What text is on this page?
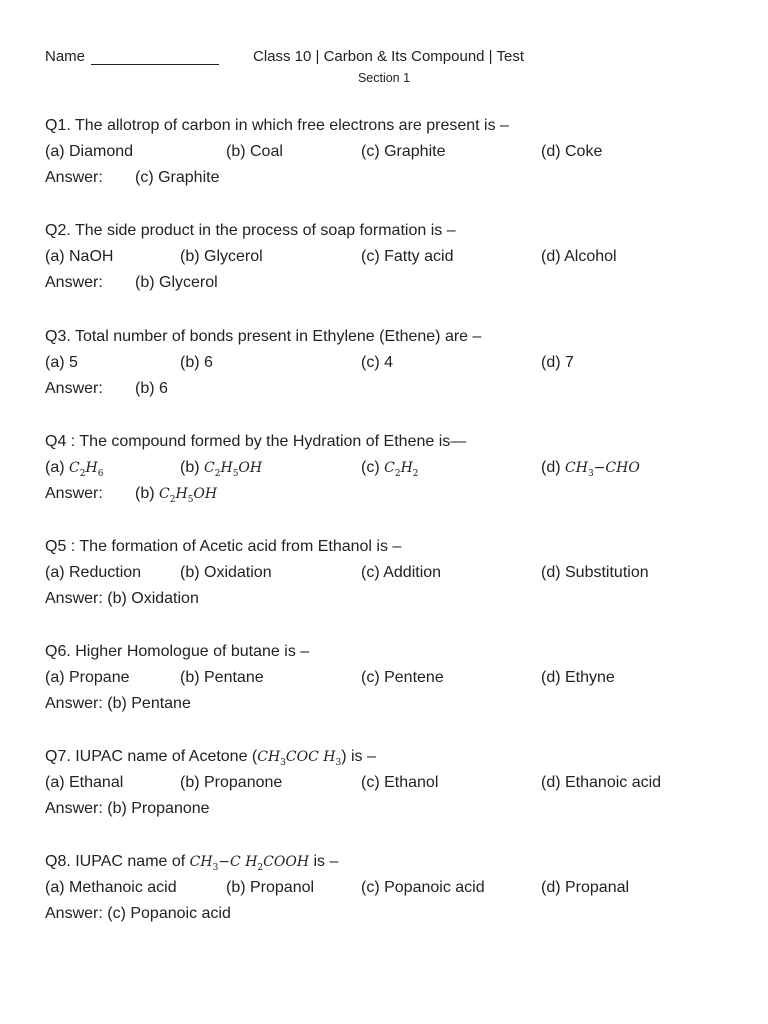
Name	Class 10 | Carbon & Its Compound | Test
Section 1
Q1. The allotrop of carbon in which free electrons are present is –
(a) Diamond	(b) Coal	(c) Graphite	(d) Coke
Answer: (c) Graphite
Q2. The side product in the process of soap formation is –
(a) NaOH	(b) Glycerol	(c) Fatty acid	(d) Alcohol
Answer: (b) Glycerol
Q3. Total number of bonds present in Ethylene (Ethene) are –
(a) 5	(b) 6	(c) 4	(d) 7
Answer: (b) 6
Q4 : The compound formed by the Hydration of Ethene is—
(a) $C_2H_6$	(b) $C_2H_5OH$	(c) $C_2H_2$	(d) $CH_3-CHO$
Answer: (b) $C_2H_5OH$
Q5 : The formation of Acetic acid from Ethanol is –
(a) Reduction (b) Oxidation	(c) Addition	(d) Substitution
Answer: (b) Oxidation
Q6. Higher Homologue of butane is –
(a) Propane	(b) Pentane	(c) Pentene	(d) Ethyne
Answer: (b) Pentane
Q7. IUPAC name of Acetone ($CH_3COC$ $H_3$) is –
(a) Ethanal	(b) Propanone	(c) Ethanol	(d) Ethanoic acid
Answer: (b) Propanone
Q8. IUPAC name of $CH_3-C$ $H_2COOH$ is –
(a) Methanoic acid	(b) Propanol	(c) Popanoic acid	(d) Propanal
Answer: (c) Popanoic acid
